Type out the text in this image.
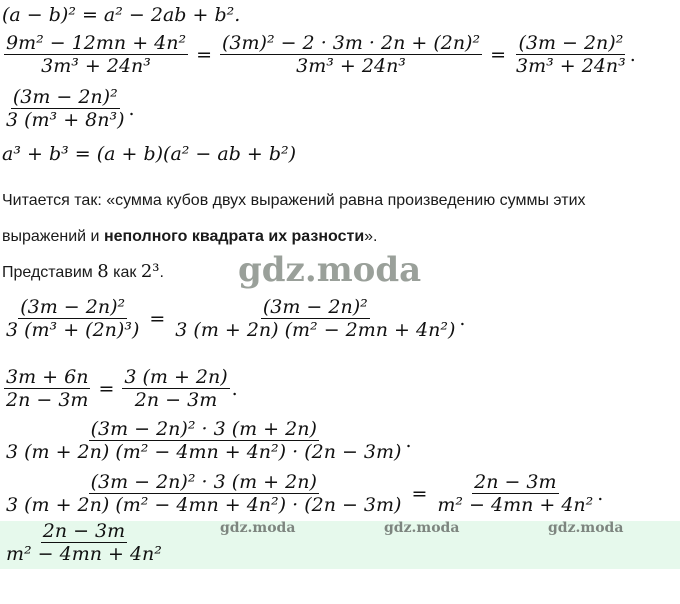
(a − b)² = a² − 2ab + b².
$\frac{\text{9m² − 12mn + 4n²}}{\text{3m³ + 24n³}} = \frac{\text{(3m)² − 2 · 3m · 2n + (2n)²}}{\text{3m³ + 24n³}} = \frac{\text{(3m − 2n)²}}{\text{3m³ + 24n³}}$ .
$\frac{\text{(3m − 2n)²}}{\text{3 (m³ + 8n³)}}$ .
a³ + b³ = (a + b)(a² − ab + b²)
Читается так: «сумма кубов двух выражений равна произведению суммы этих
выражений и неполного квадрата их разности».
Представим 8 как 2³. gdz.moda
$\frac{\text{(3m − 2n)²}}{\text{3 (m³ + (2n)³)}} = \frac{\text{(3m − 2n)²}}{\text{3 (m + 2n) (m² − 2mn + 4n²)}}$ .
$\frac{3m + 6n}{2n - 3m} = \frac{3 (m + 2n)}{2n - 3m}$ .
$\frac{\text{(3m − 2n)² · 3 (m + 2n)}}{\text{3 (m + 2n) (m² − 4mn + 4n²) · (2n − 3m)}}$ .
$\frac{\text{(3m − 2n)² · 3 (m + 2n)}}{\text{3 (m + 2n) (m² − 4mn + 4n²) · (2n − 3m)}} = \frac{2n - 3m}{\text{m² − 4mn + 4n²}}$ .
$\frac{2n - 3m}{\text{m² − 4mn + 4n²}}$	gdz.moda	gdz.moda	gdz.moda
